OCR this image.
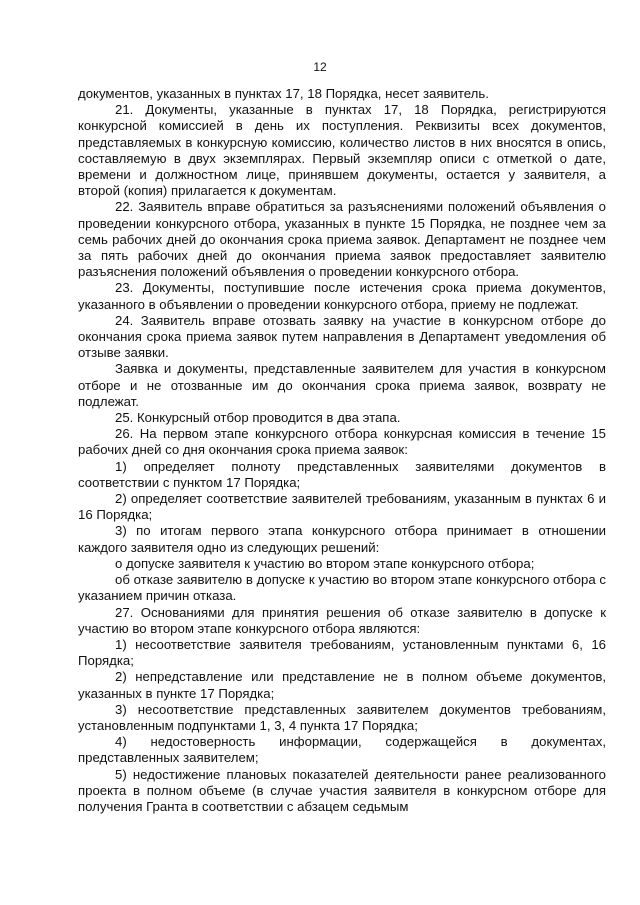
12

документов, указанных в пунктах 17, 18 Порядка, несет заявитель.

21. Документы, указанные в пунктах 17, 18 Порядка, регистрируются конкурсной комиссией в день их поступления. Реквизиты всех документов, представляемых в конкурсную комиссию, количество листов в них вносятся в опись, составляемую в двух экземплярах. Первый экземпляр описи с отметкой о дате, времени и должностном лице, принявшем документы, остается у заявителя, а второй (копия) прилагается к документам.

22. Заявитель вправе обратиться за разъяснениями положений объявления о проведении конкурсного отбора, указанных в пункте 15 Порядка, не позднее чем за семь рабочих дней до окончания срока приема заявок. Департамент не позднее чем за пять рабочих дней до окончания приема заявок предоставляет заявителю разъяснения положений объявления о проведении конкурсного отбора.

23. Документы, поступившие после истечения срока приема документов, указанного в объявлении о проведении конкурсного отбора, приему не подлежат.

24. Заявитель вправе отозвать заявку на участие в конкурсном отборе до окончания срока приема заявок путем направления в Департамент уведомления об отзыве заявки.

Заявка и документы, представленные заявителем для участия в конкурсном отборе и не отозванные им до окончания срока приема заявок, возврату не подлежат.

25. Конкурсный отбор проводится в два этапа.

26. На первом этапе конкурсного отбора конкурсная комиссия в течение 15 рабочих дней со дня окончания срока приема заявок:

1) определяет полноту представленных заявителями документов в соответствии с пунктом 17 Порядка;

2) определяет соответствие заявителей требованиям, указанным в пунктах 6 и 16 Порядка;

3) по итогам первого этапа конкурсного отбора принимает в отношении каждого заявителя одно из следующих решений:

о допуске заявителя к участию во втором этапе конкурсного отбора;

об отказе заявителю в допуске к участию во втором этапе конкурсного отбора с указанием причин отказа.

27. Основаниями для принятия решения об отказе заявителю в допуске к участию во втором этапе конкурсного отбора являются:

1) несоответствие заявителя требованиям, установленным пунктами 6, 16 Порядка;

2) непредставление или представление не в полном объеме документов, указанных в пункте 17 Порядка;

3) несоответствие представленных заявителем документов требованиям, установленным подпунктами 1, 3, 4 пункта 17 Порядка;

4) недостоверность информации, содержащейся в документах, представленных заявителем;

5) недостижение плановых показателей деятельности ранее реализованного проекта в полном объеме (в случае участия заявителя в конкурсном отборе для получения Гранта в соответствии с абзацем седьмым
